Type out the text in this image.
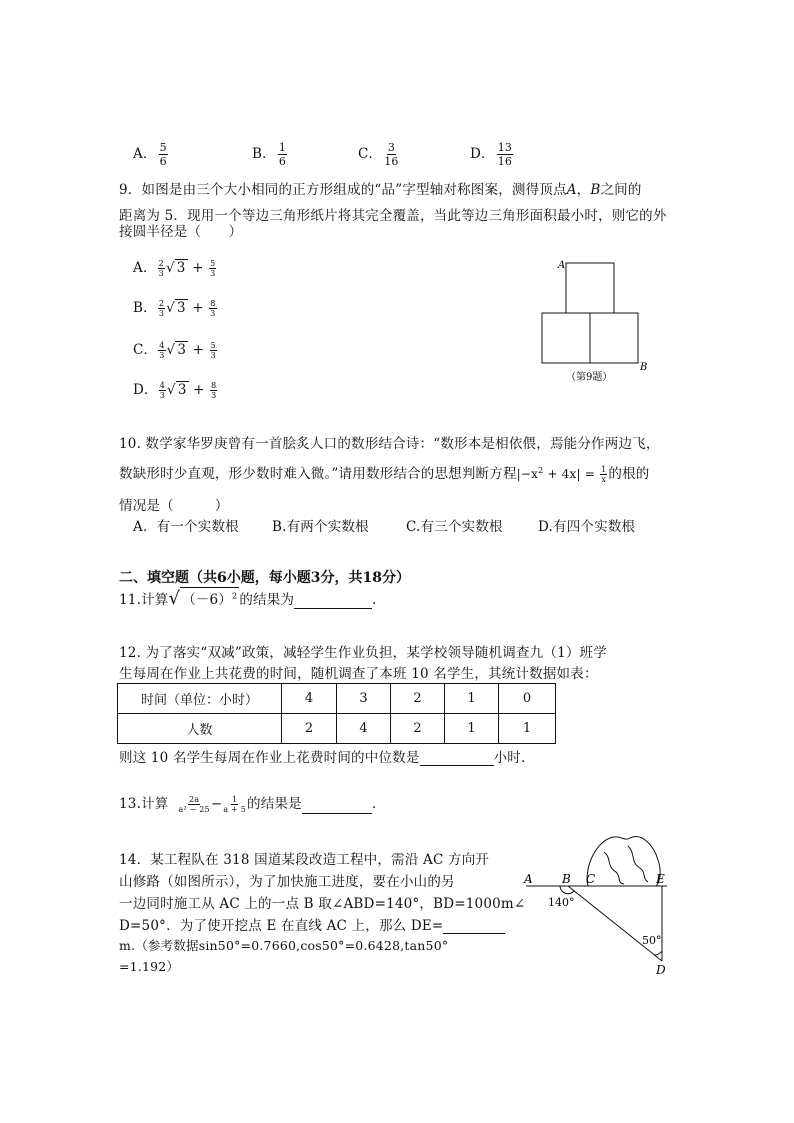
A． $\frac{5}{6}$	B． $\frac{1}{6}$	C． $\frac{3}{16}$	D． $\frac{13}{16}$
9．如图是由三个大小相同的正方形组成的“品”字型轴对称图案，测得顶点A，B之间的
距离为 5．现用一个等边三角形纸片将其完全覆盖，当此等边三角形面积最小时，则它的外
接圆半径是（　　）
A． $\frac{2}{3}$ √ $3 + \frac{5}{3}$
B． $\frac{2}{3}$ √ $3 + \frac{8}{3}$
C． $\frac{4}{3}$ √ $3 + \frac{5}{3}$
D． $\frac{4}{3}$ √ $3 + \frac{8}{3}$
A
B
（第9题）
10. 数学家华罗庚曾有一首脍炙人口的数形结合诗：“数形本是相依偎，焉能分作两边飞，
数缺形时少直观，形少数时难入微。”请用数形结合的思想判断方程$|-x^2 + 4x| = \frac{1}{x}$ 的根的
情况是（　　　）
A．有一个实数根 B.有两个实数根	C.有三个实数根	D.有四个实数根
二、填空题（共6小题，每小题3分，共18分）
11.计算√ $(-6)^2$ 的结果为	.
12. 为了落实“双减”政策，减轻学生作业负担，某学校领导随机调查九（1）班学
生每周在作业上共花费的时间，随机调查了本班 10 名学生，其统计数据如表：
时间（单位：小时）	4	3	2	1	0
人数	2	4	2	1	1
则这 10 名学生每周在作业上花费时间的中位数是	小时.
13.计算 $\frac{2a}{\text{a² − 25}} - \frac{1}{a + 5}$ 的结果是	.
14．某工程队在 318 国道某段改造工程中，需沿 AC 方向开
山修路（如图所示），为了加快施工进度，要在小山的另
一边同时施工从 AC 上的一点 B 取∠ABD=140°，BD=1000m∠
D=50°．为了使开挖点 E 在直线 AC 上，那么 DE=
m.（参考数据sin50°=0.7660,cos50°=0.6428,tan50°
=1.192）
A B C	E
D
140°
50°
